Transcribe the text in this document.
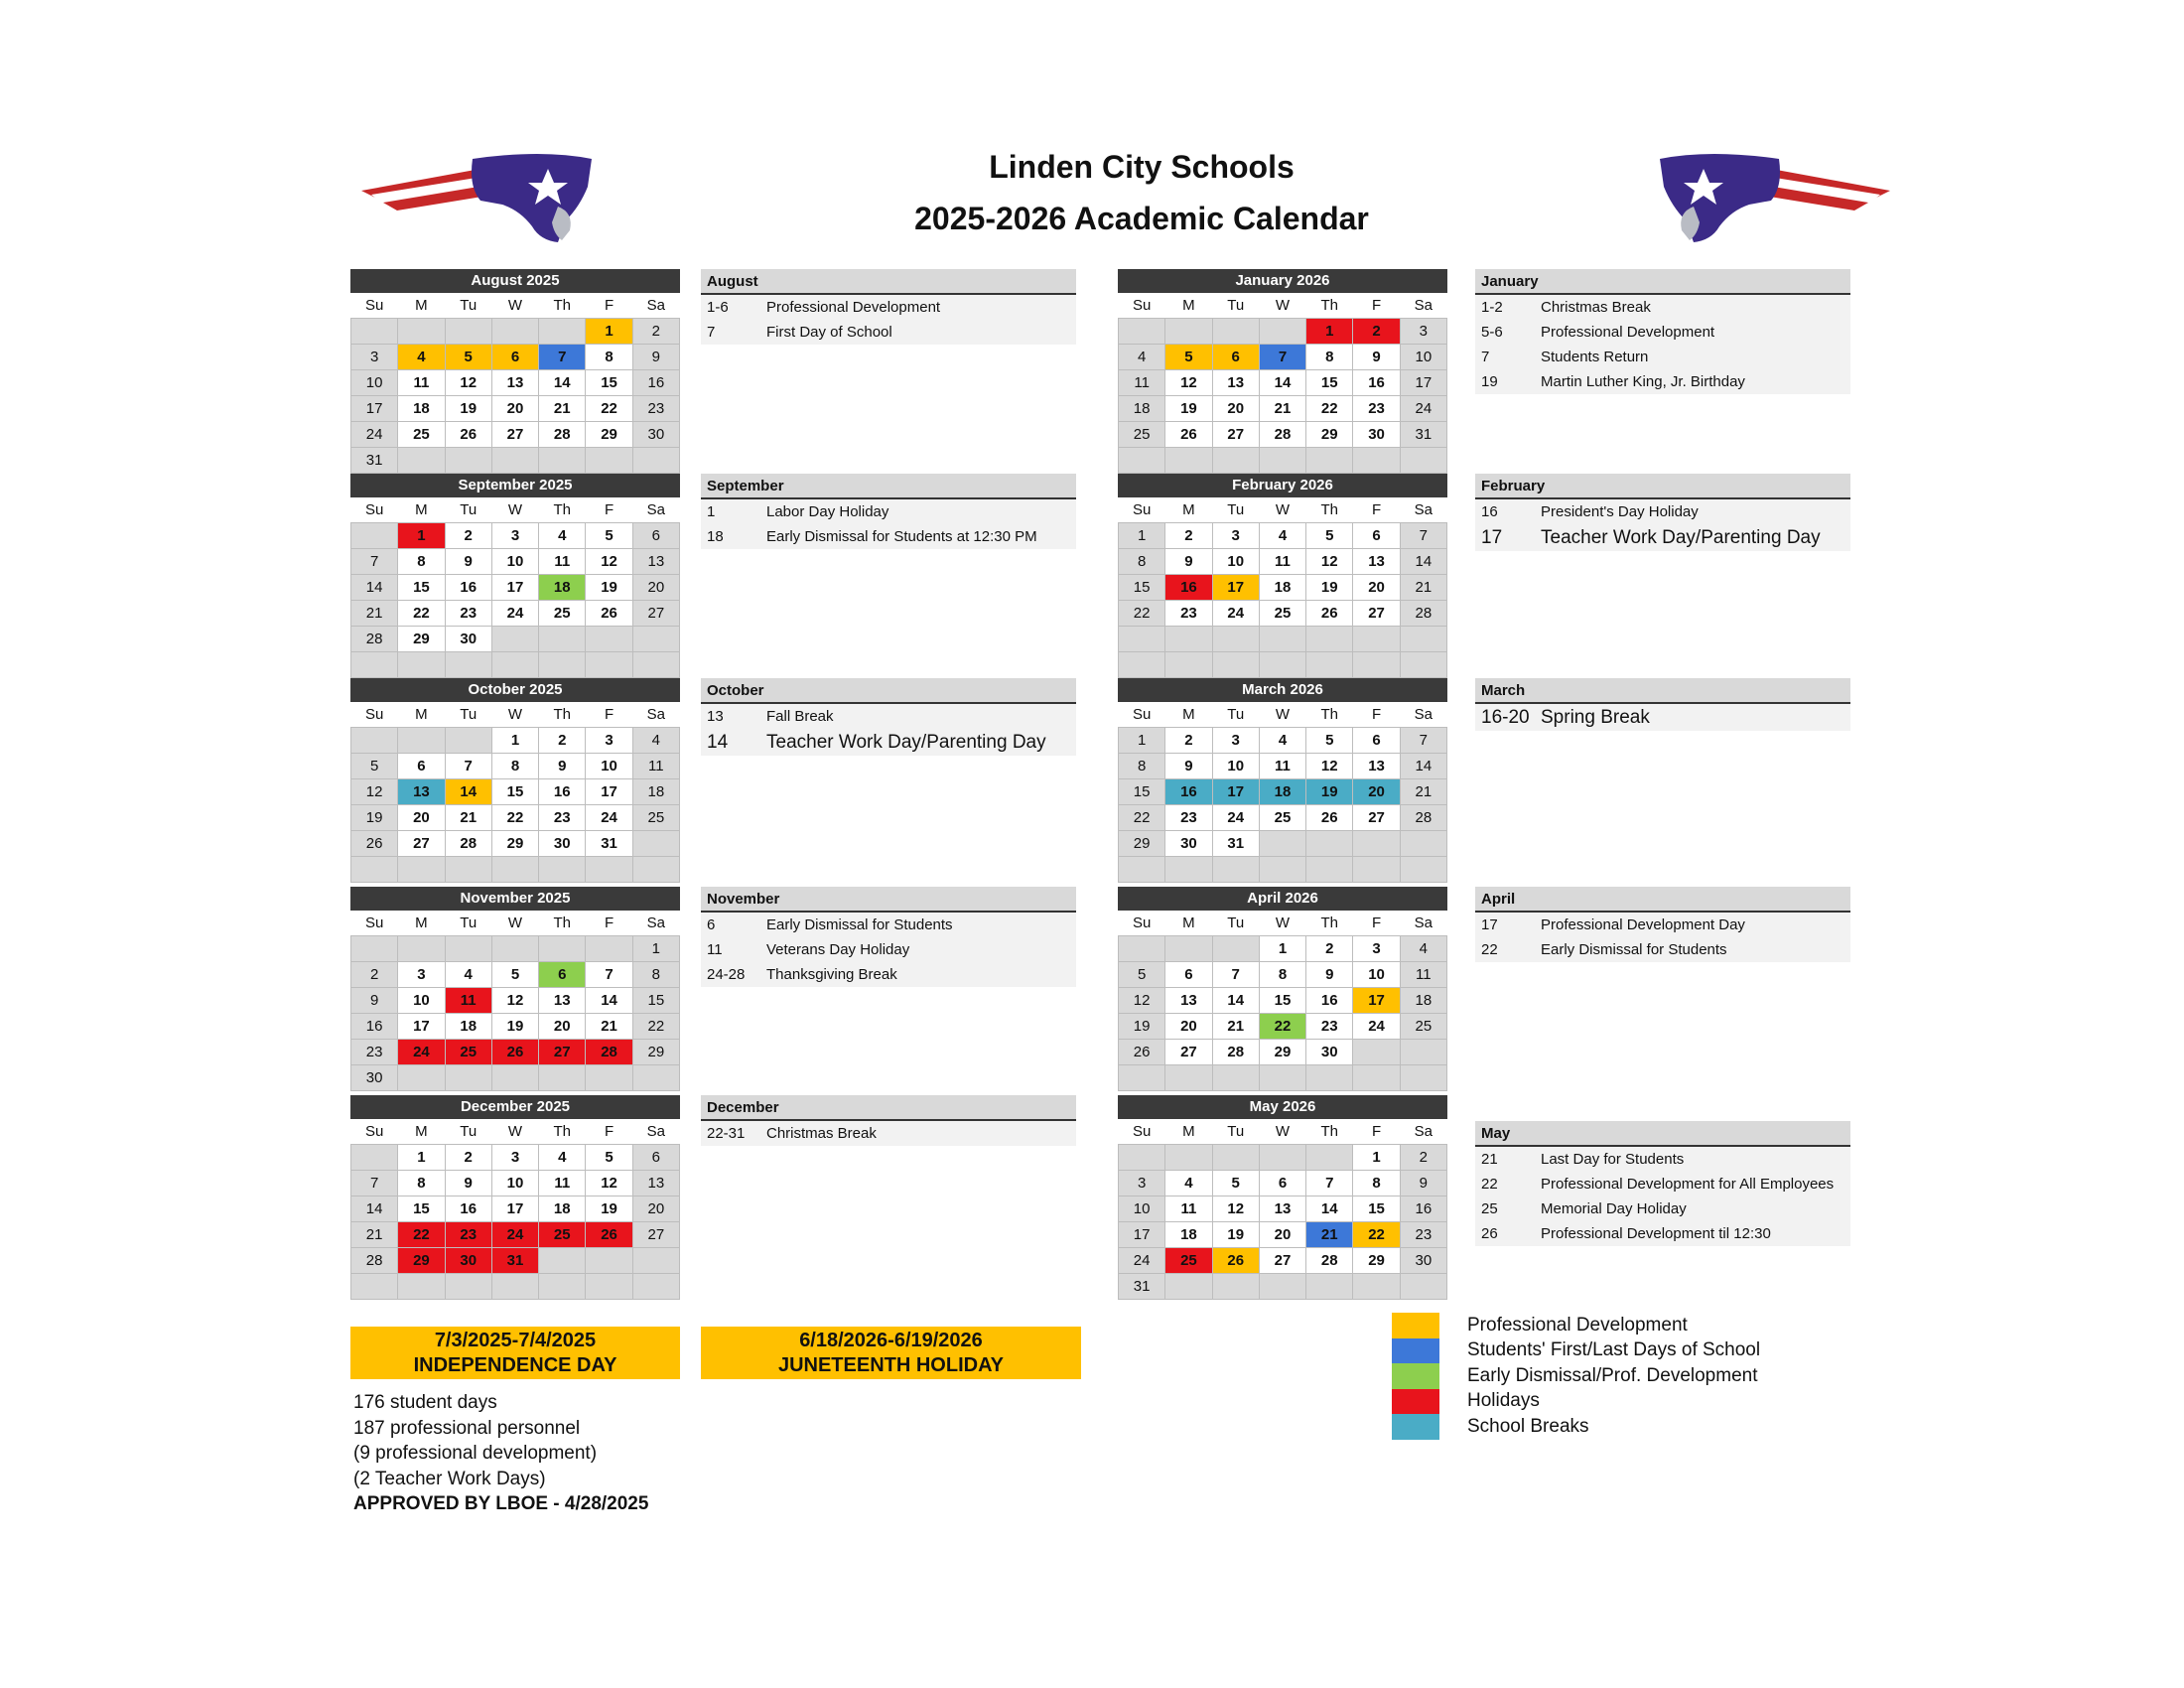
Linden City Schools
2025-2026 Academic Calendar
August 2025
Su	M	Tu	W	Th	F	Sa
					1	2
3	4	5	6	7	8	9
10	11	12	13	14	15	16
17	18	19	20	21	22	23
24	25	26	27	28	29	30
31						
September 2025
Su	M	Tu	W	Th	F	Sa
	1	2	3	4	5	6
7	8	9	10	11	12	13
14	15	16	17	18	19	20
21	22	23	24	25	26	27
28	29	30				

October 2025
Su	M	Tu	W	Th	F	Sa
			1	2	3	4
5	6	7	8	9	10	11
12	13	14	15	16	17	18
19	20	21	22	23	24	25
26	27	28	29	30	31	

November 2025
Su	M	Tu	W	Th	F	Sa
						1
2	3	4	5	6	7	8
9	10	11	12	13	14	15
16	17	18	19	20	21	22
23	24	25	26	27	28	29
30						
December 2025
Su	M	Tu	W	Th	F	Sa
	1	2	3	4	5	6
7	8	9	10	11	12	13
14	15	16	17	18	19	20
21	22	23	24	25	26	27
28	29	30	31			

January 2026
Su	M	Tu	W	Th	F	Sa
				1	2	3
4	5	6	7	8	9	10
11	12	13	14	15	16	17
18	19	20	21	22	23	24
25	26	27	28	29	30	31

February 2026
Su	M	Tu	W	Th	F	Sa
1	2	3	4	5	6	7
8	9	10	11	12	13	14
15	16	17	18	19	20	21
22	23	24	25	26	27	28

March 2026
Su	M	Tu	W	Th	F	Sa
1	2	3	4	5	6	7
8	9	10	11	12	13	14
15	16	17	18	19	20	21
22	23	24	25	26	27	28
29	30	31				

April 2026
Su	M	Tu	W	Th	F	Sa
			1	2	3	4
5	6	7	8	9	10	11
12	13	14	15	16	17	18
19	20	21	22	23	24	25
26	27	28	29	30		

May 2026
Su	M	Tu	W	Th	F	Sa
					1	2
3	4	5	6	7	8	9
10	11	12	13	14	15	16
17	18	19	20	21	22	23
24	25	26	27	28	29	30
31						
August
1-6	Professional Development
7	First Day of School
September
1	Labor Day Holiday
18	Early Dismissal for Students at 12:30 PM
October
13	Fall Break
14	Teacher Work Day/Parenting Day
November
6	Early Dismissal for Students
11	Veterans Day Holiday
24-28	Thanksgiving Break
December
22-31	Christmas Break
January
1-2	Christmas Break
5-6	Professional Development
7	Students Return
19	Martin Luther King, Jr. Birthday
February
16	President's Day Holiday
17	Teacher Work Day/Parenting Day
March
16-20 Spring Break
April
17	Professional Development Day
22	Early Dismissal for Students
May
21	Last Day for Students
22	Professional Development for All Employees
25	Memorial Day Holiday
26	Professional Development til 12:30
7/3/2025-7/4/2025
INDEPENDENCE DAY
6/18/2026-6/19/2026
JUNETEENTH HOLIDAY
176 student days
187 professional personnel
(9 professional development)
(2 Teacher Work Days)
APPROVED BY LBOE - 4/28/2025
Professional Development
Students' First/Last Days of School
Early Dismissal/Prof. Development
Holidays
School Breaks
